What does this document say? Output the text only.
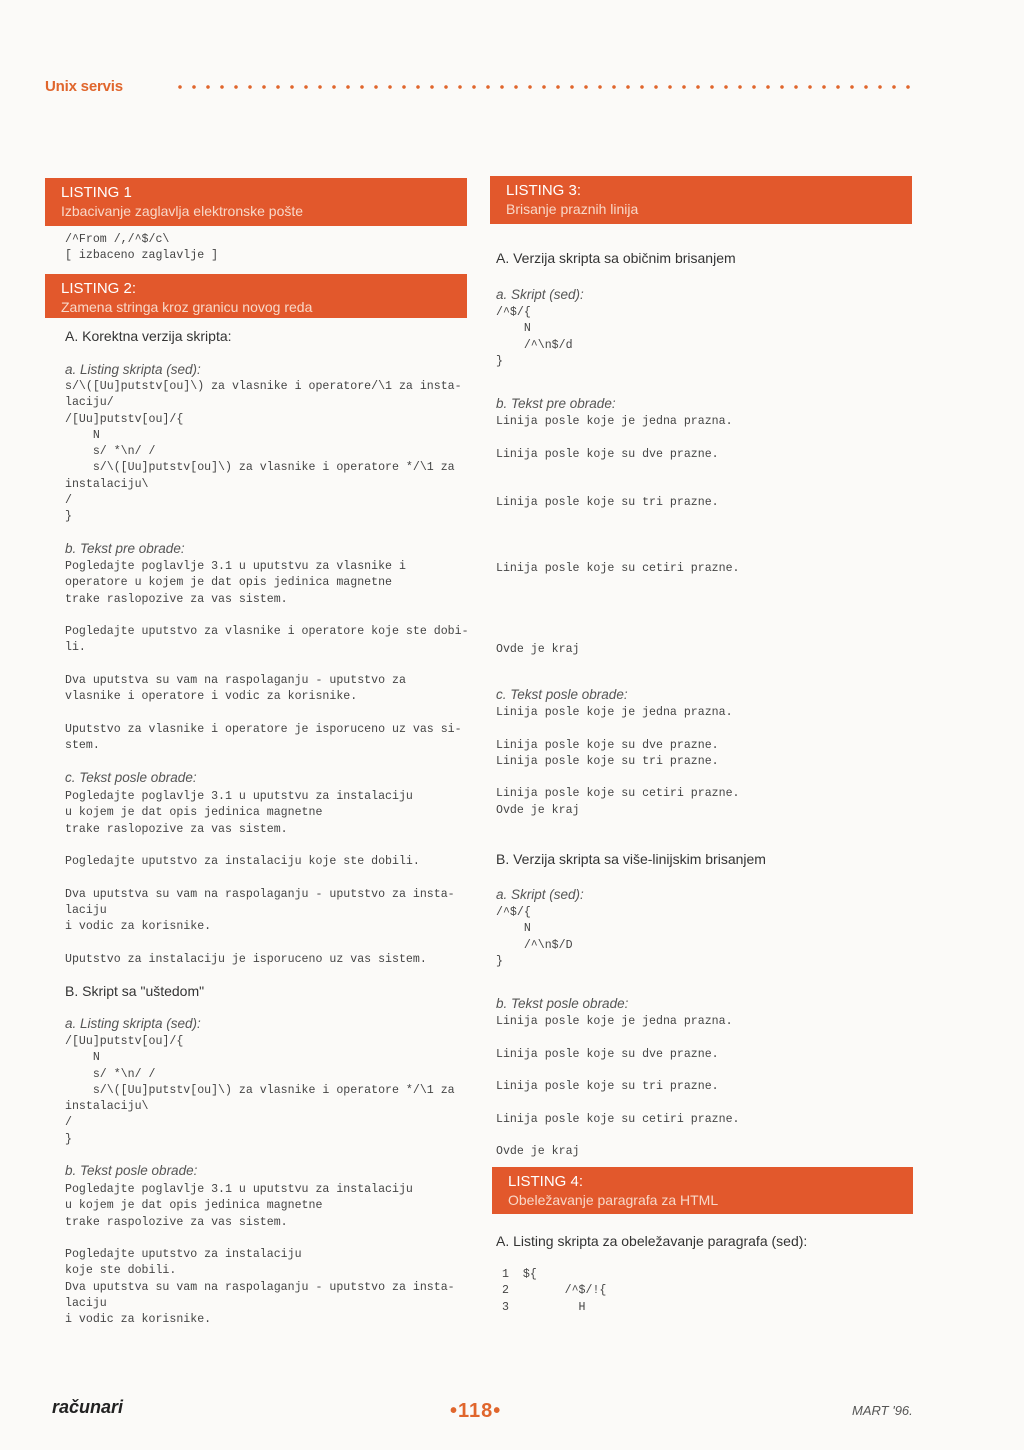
Unix servis
LISTING 1
Izbacivanje zaglavlja elektronske pošte
/^From /,/^$/c\
[ izbaceno zaglavlje ]
LISTING 2:
Zamena stringa kroz granicu novog reda
A. Korektna verzija skripta:
a. Listing skripta (sed):
s/\([Uu]putstv[ou]\) za vlasnike i operatore/\1 za insta-
laciju/
/[Uu]putstv[ou]/{
N
s/ *\n/ /
s/\([Uu]putstv[ou]\) za vlasnike i operatore */\1 za
instalaciju\
/
}
b. Tekst pre obrade:
Pogledajte poglavlje 3.1 u uputstvu za vlasnike i
operatore u kojem je dat opis jedinica magnetne
trake raslopozive za vas sistem.

Pogledajte uputstvo za vlasnike i operatore koje ste dobi-
li.

Dva uputstva su vam na raspolaganju - uputstvo za
vlasnike i operatore i vodic za korisnike.

Uputstvo za vlasnike i operatore je isporuceno uz vas si-
stem.
c. Tekst posle obrade:
Pogledajte poglavlje 3.1 u uputstvu za instalaciju
u kojem je dat opis jedinica magnetne
trake raslopozive za vas sistem.

Pogledajte uputstvo za instalaciju koje ste dobili.

Dva uputstva su vam na raspolaganju - uputstvo za insta-
laciju
i vodic za korisnike.

Uputstvo za instalaciju je isporuceno uz vas sistem.
B. Skript sa "uštedom"
a. Listing skripta (sed):
/[Uu]putstv[ou]/{
N
s/ *\n/ /
s/\([Uu]putstv[ou]\) za vlasnike i operatore */\1 za
instalaciju\
/
}
b. Tekst posle obrade:
Pogledajte poglavlje 3.1 u uputstvu za instalaciju
u kojem je dat opis jedinica magnetne
trake raspolozive za vas sistem.

Pogledajte uputstvo za instalaciju
koje ste dobili.
Dva uputstva su vam na raspolaganju - uputstvo za insta-
laciju
i vodic za korisnike.
LISTING 3:
Brisanje praznih linija
A. Verzija skripta sa običnim brisanjem
a. Skript (sed):
/^$/{
N
/^\n$/d
}
b. Tekst pre obrade:
Linija posle koje je jedna prazna.

Linija posle koje su dve prazne.

Linija posle koje su tri prazne.

Linija posle koje su cetiri prazne.

Ovde je kraj
c. Tekst posle obrade:
Linija posle koje je jedna prazna.

Linija posle koje su dve prazne.
Linija posle koje su tri prazne.

Linija posle koje su cetiri prazne.
Ovde je kraj
B. Verzija skripta sa više-linijskim brisanjem
a. Skript (sed):
/^$/{
N
/^\n$/D
}
b. Tekst posle obrade:
Linija posle koje je jedna prazna.

Linija posle koje su dve prazne.

Linija posle koje su tri prazne.

Linija posle koje su cetiri prazne.

Ovde je kraj
LISTING 4:
Obeležavanje paragrafa za HTML
A. Listing skripta za obeležavanje paragrafa (sed):
1  ${
2        /^$/!{
3          H
računari	•118•	MART '96.
